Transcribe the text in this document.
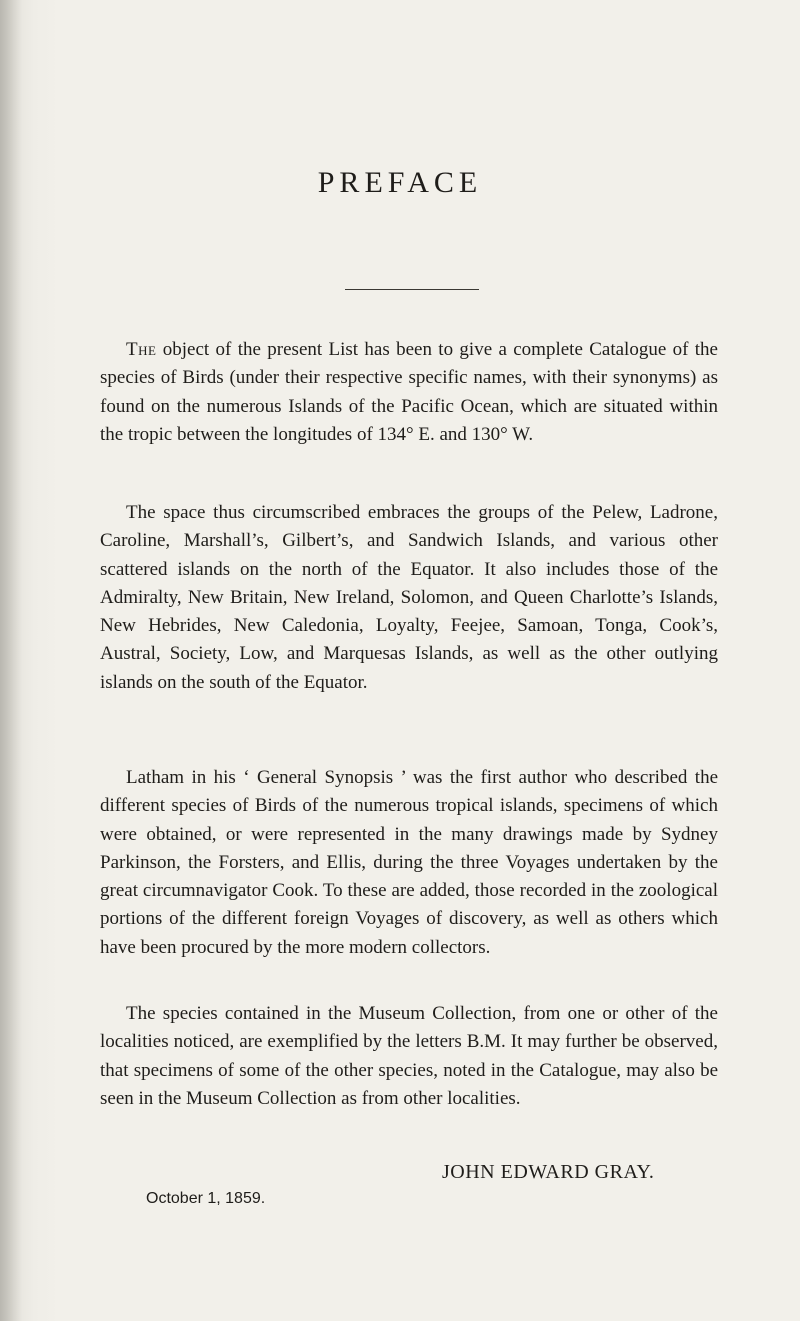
PREFACE

The object of the present List has been to give a complete Catalogue of the species of Birds (under their respective specific names, with their synonyms) as found on the numerous Islands of the Pacific Ocean, which are situated within the tropic between the longitudes of 134° E. and 130° W.

The space thus circumscribed embraces the groups of the Pelew, Ladrone, Caroline, Marshall’s, Gilbert’s, and Sandwich Islands, and various other scattered islands on the north of the Equator. It also includes those of the Admiralty, New Britain, New Ireland, Solomon, and Queen Charlotte’s Islands, New Hebrides, New Caledonia, Loyalty, Feejee, Samoan, Tonga, Cook’s, Austral, Society, Low, and Marquesas Islands, as well as the other outlying islands on the south of the Equator.

Latham in his ‘ General Synopsis ’ was the first author who described the different species of Birds of the numerous tropical islands, specimens of which were obtained, or were represented in the many drawings made by Sydney Parkinson, the Forsters, and Ellis, during the three Voyages undertaken by the great circumnavigator Cook. To these are added, those recorded in the zoological portions of the different foreign Voyages of discovery, as well as others which have been procured by the more modern collectors.

The species contained in the Museum Collection, from one or other of the localities noticed, are exemplified by the letters B.M. It may further be observed, that specimens of some of the other species, noted in the Catalogue, may also be seen in the Museum Collection as from other localities.

JOHN EDWARD GRAY.

October 1, 1859.
